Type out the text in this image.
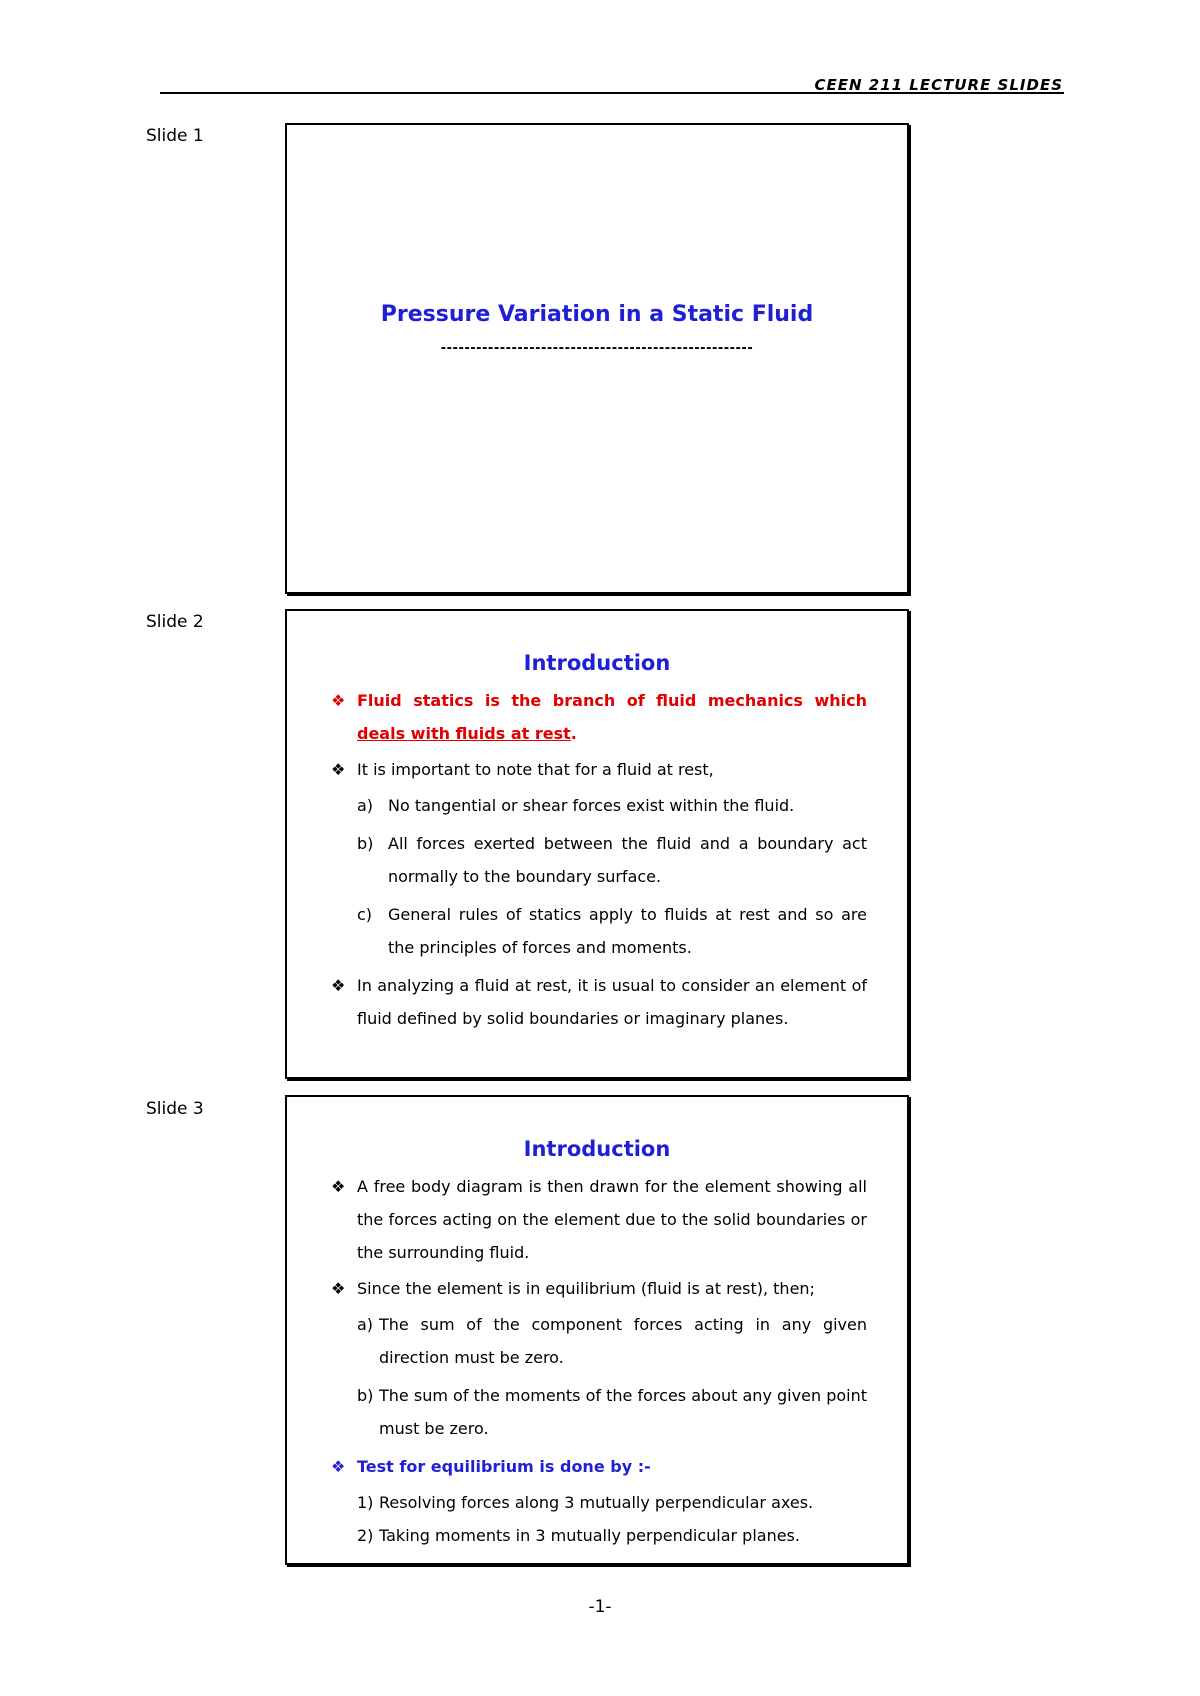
CEEN 211 LECTURE SLIDES
Slide 1
Pressure Variation in a Static Fluid
-----------------------------------------------------
Slide 2
Introduction
❖ Fluid statics is the branch of fluid mechanics which deals with fluids at rest.
❖ It is important to note that for a fluid at rest,
a) No tangential or shear forces exist within the fluid.
b) All forces exerted between the fluid and a boundary act normally to the boundary surface.
c) General rules of statics apply to fluids at rest and so are the principles of forces and moments.
❖ In analyzing a fluid at rest, it is usual to consider an element of fluid defined by solid boundaries or imaginary planes.
Slide 3
Introduction
❖ A free body diagram is then drawn for the element showing all the forces acting on the element due to the solid boundaries or the surrounding fluid.
❖ Since the element is in equilibrium (fluid is at rest), then;
a) The sum of the component forces acting in any given direction must be zero.
b) The sum of the moments of the forces about any given point must be zero.
❖ Test for equilibrium is done by :-
1) Resolving forces along 3 mutually perpendicular axes.
2) Taking moments in 3 mutually perpendicular planes.
-1-
